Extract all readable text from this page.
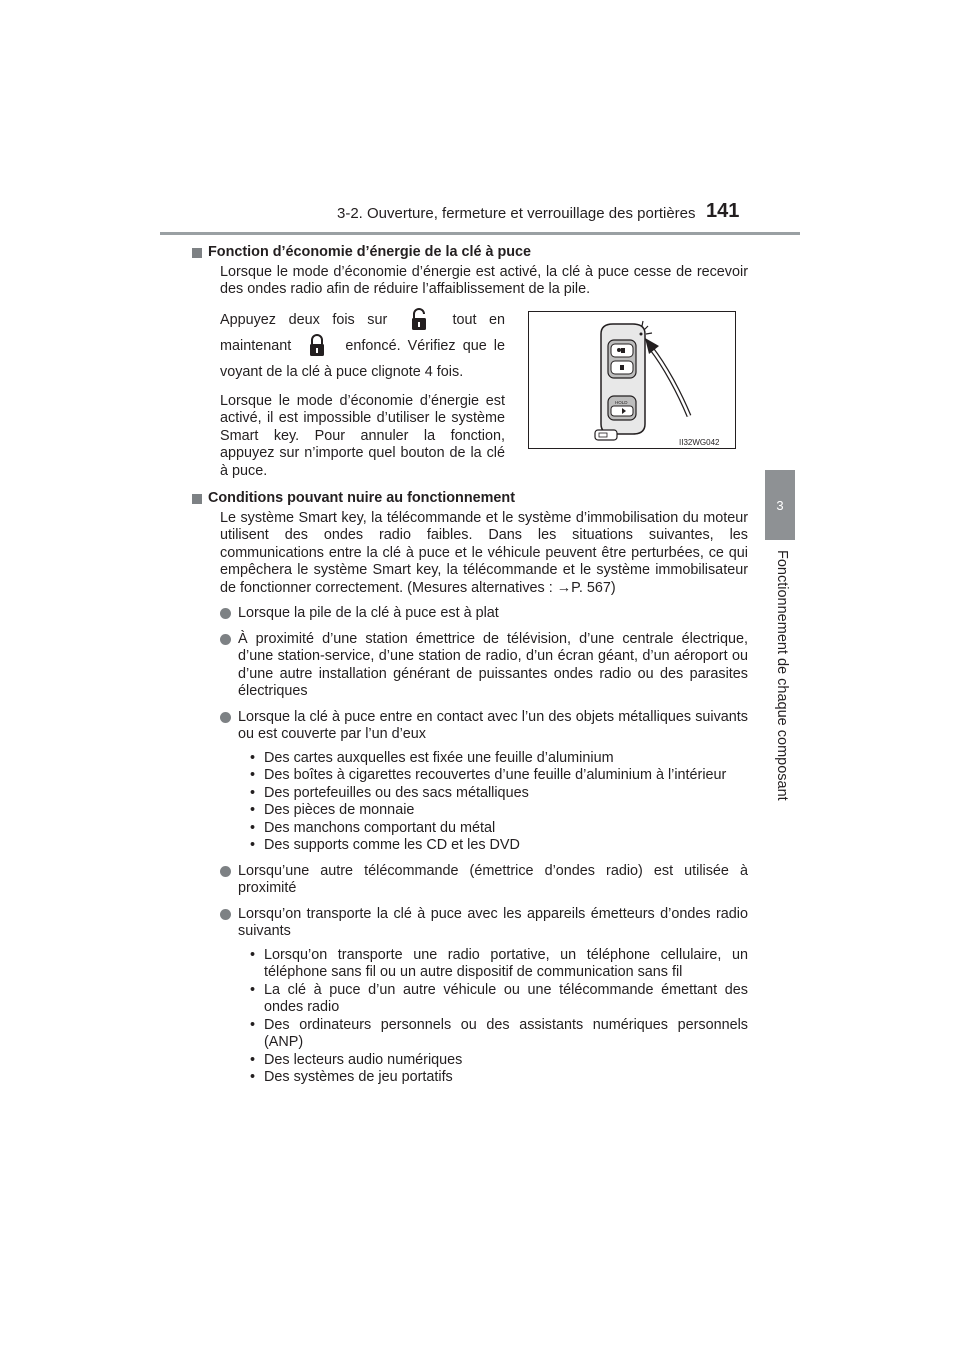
3-2. Ouverture, fermeture et verrouillage des portières 141
3
Fonctionnement de chaque composant
Fonction d’économie d’énergie de la clé à puce

Lorsque le mode d’économie d’énergie est activé, la clé à puce cesse de recevoir des ondes radio afin de réduire l’affaiblissement de la pile.

Appuyez deux fois sur	tout en maintenant	enfoncé. Vérifiez que le voyant de la clé à puce clignote 4 fois.

Lorsque le mode d’économie d’énergie est activé, il est impossible d’utiliser le système Smart key. Pour annuler la fonction, appuyez sur n’importe quel bouton de la clé à puce.

HOLD
II32WG042
Conditions pouvant nuire au fonctionnement

Le système Smart key, la télécommande et le système d’immobilisation du moteur utilisent des ondes radio faibles. Dans les situations suivantes, les communications entre la clé à puce et le véhicule peuvent être perturbées, ce qui empêchera le système Smart key, la télécommande et le système immobilisateur de fonctionner correctement. (Mesures alternatives : →P. 567)

Lorsque la pile de la clé à puce est à plat
À proximité d’une station émettrice de télévision, d’une centrale électrique, d’une station-service, d’une station de radio, d’un écran géant, d’un aéroport ou d’une autre installation générant de puissantes ondes radio ou des parasites électriques
Lorsque la clé à puce entre en contact avec l’un des objets métalliques suivants ou est couverte par l’un d’eux
• Des cartes auxquelles est fixée une feuille d’aluminium
• Des boîtes à cigarettes recouvertes d’une feuille d’aluminium à l’intérieur
• Des portefeuilles ou des sacs métalliques
• Des pièces de monnaie
• Des manchons comportant du métal
• Des supports comme les CD et les DVD
Lorsqu’une autre télécommande (émettrice d’ondes radio) est utilisée à proximité
Lorsqu’on transporte la clé à puce avec les appareils émetteurs d’ondes radio suivants
• Lorsqu’on transporte une radio portative, un téléphone cellulaire, un téléphone sans fil ou un autre dispositif de communication sans fil
• La clé à puce d’un autre véhicule ou une télécommande émettant des ondes radio
• Des ordinateurs personnels ou des assistants numériques personnels (ANP)
• Des lecteurs audio numériques
• Des systèmes de jeu portatifs
